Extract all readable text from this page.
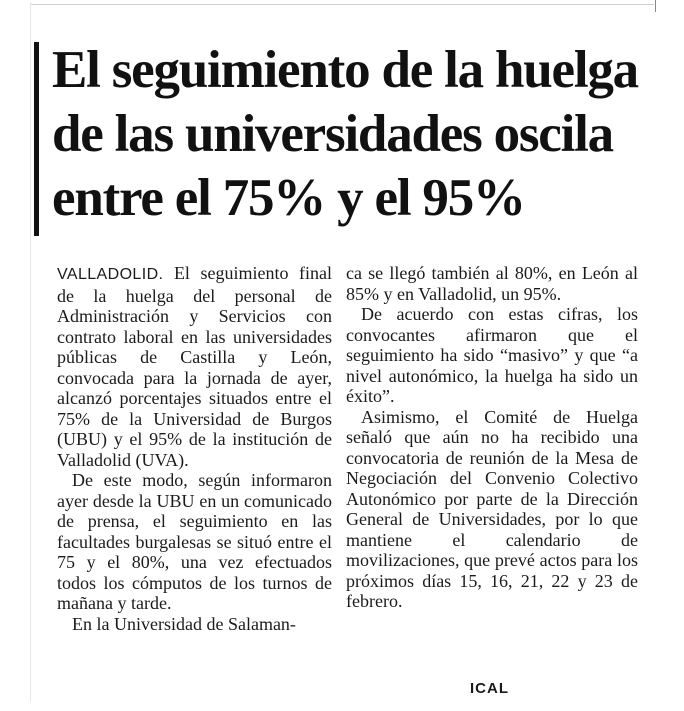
El seguimiento de la huelga de las universidades oscila entre el 75% y el 95%

VALLADOLID. El seguimiento final de la huelga del personal de Administración y Servicios con contrato laboral en las universidades públicas de Castilla y León, convocada para la jornada de ayer, alcanzó porcentajes situados entre el 75% de la Universidad de Burgos (UBU) y el 95% de la institución de Valladolid (UVA).

De este modo, según informaron ayer desde la UBU en un comunicado de prensa, el seguimiento en las facultades burgalesas se situó entre el 75 y el 80%, una vez efectuados todos los cómputos de los turnos de mañana y tarde.

En la Universidad de Salaman-

ca se llegó también al 80%, en León al 85% y en Valladolid, un 95%.

De acuerdo con estas cifras, los convocantes afirmaron que el seguimiento ha sido “masivo” y que “a nivel autonómico, la huelga ha sido un éxito”.

Asimismo, el Comité de Huelga señaló que aún no ha recibido una convocatoria de reunión de la Mesa de Negociación del Convenio Colectivo Autonómico por parte de la Dirección General de Universidades, por lo que mantiene el calendario de movilizaciones, que prevé actos para los próximos días 15, 16, 21, 22 y 23 de febrero.

ICAL
